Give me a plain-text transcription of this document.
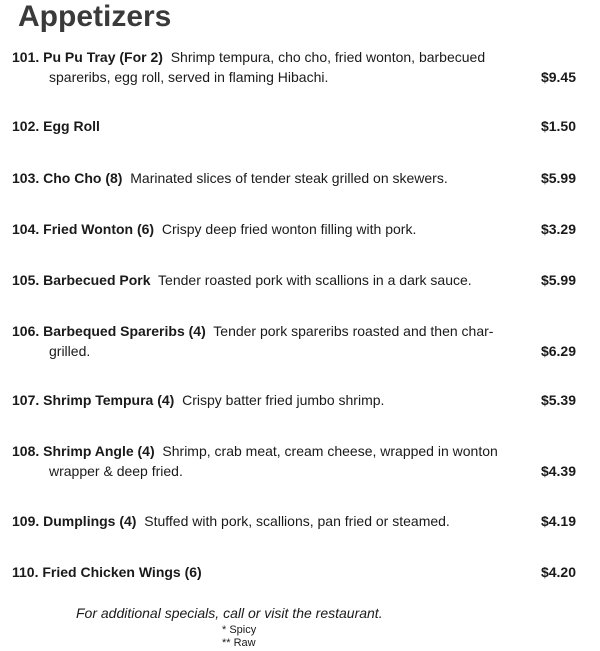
Appetizers
101. Pu Pu Tray (For 2) Shrimp tempura, cho cho, fried wonton, barbecued
spareribs, egg roll, served in flaming Hibachi.	$9.45
102. Egg Roll	$1.50
103. Cho Cho (8) Marinated slices of tender steak grilled on skewers.	$5.99
104. Fried Wonton (6) Crispy deep fried wonton filling with pork.	$3.29
105. Barbecued Pork Tender roasted pork with scallions in a dark sauce.	$5.99
106. Barbequed Spareribs (4) Tender pork spareribs roasted and then char-
grilled.	$6.29
107. Shrimp Tempura (4) Crispy batter fried jumbo shrimp.	$5.39
108. Shrimp Angle (4) Shrimp, crab meat, cream cheese, wrapped in wonton
wrapper & deep fried.	$4.39
109. Dumplings (4) Stuffed with pork, scallions, pan fried or steamed.	$4.19
110. Fried Chicken Wings (6)	$4.20
For additional specials, call or visit the restaurant.
* Spicy
** Raw
